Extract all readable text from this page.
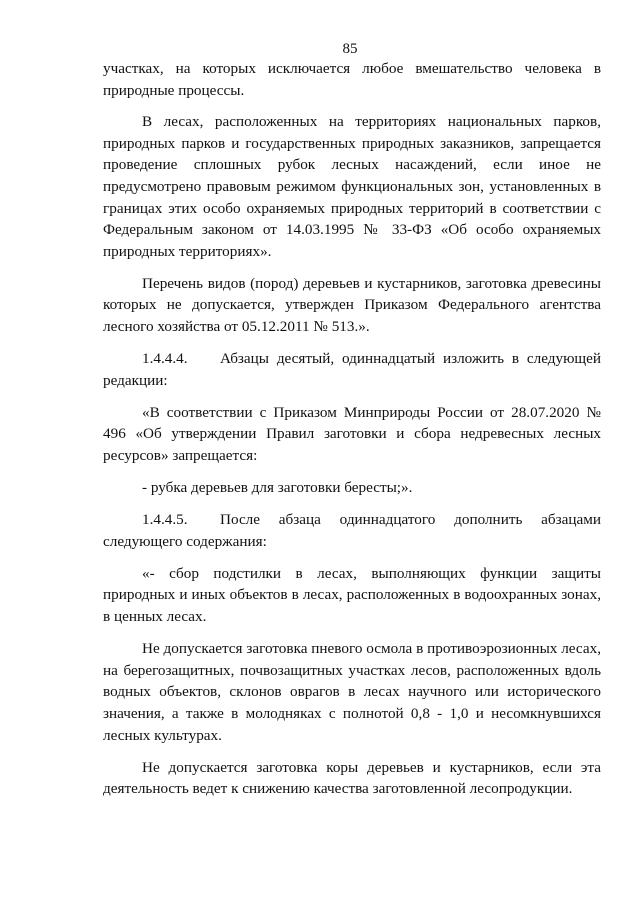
85

участках, на которых исключается любое вмешательство человека в природные процессы.

В лесах, расположенных на территориях национальных парков, природных парков и государственных природных заказников, запрещается проведение сплошных рубок лесных насаждений, если иное не предусмотрено правовым режимом функциональных зон, установленных в границах этих особо охраняемых природных территорий в соответствии с Федеральным законом от 14.03.1995 № 33-ФЗ «Об особо охраняемых природных территориях».

Перечень видов (пород) деревьев и кустарников, заготовка древесины которых не допускается, утвержден Приказом Федерального агентства лесного хозяйства от 05.12.2011 № 513.».

1.4.4.4. Абзацы десятый, одиннадцатый изложить в следующей редакции:

«В соответствии с Приказом Минприроды России от 28.07.2020 № 496 «Об утверждении Правил заготовки и сбора недревесных лесных ресурсов» запрещается:

- рубка деревьев для заготовки бересты;».

1.4.4.5. После абзаца одиннадцатого дополнить абзацами следующего содержания:

«- сбор подстилки в лесах, выполняющих функции защиты природных и иных объектов в лесах, расположенных в водоохранных зонах, в ценных лесах.

Не допускается заготовка пневого осмола в противоэрозионных лесах, на берегозащитных, почвозащитных участках лесов, расположенных вдоль водных объектов, склонов оврагов в лесах научного или исторического значения, а также в молодняках с полнотой 0,8 - 1,0 и несомкнувшихся лесных культурах.

Не допускается заготовка коры деревьев и кустарников, если эта деятельность ведет к снижению качества заготовленной лесопродукции.
